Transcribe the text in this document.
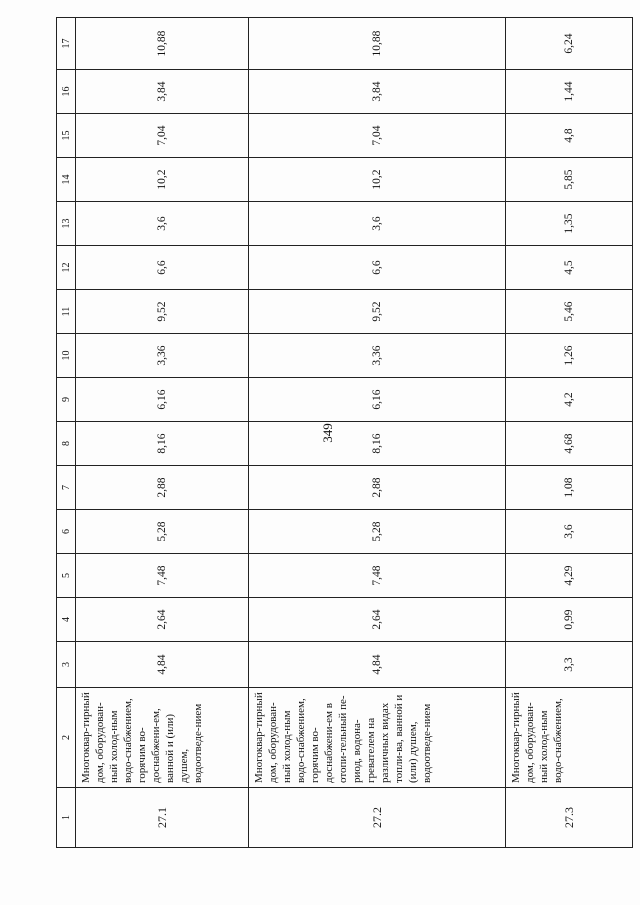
349
1	2	3	4	5	6	7	8	9	10	11	12	13	14	15	16	17
27.1	Многоквар-тирный дом, оборудован-ный холод-ным водо-снабжением, горячим во-доснабжени-ем, ванной и (или) душем, водоотведе-нием	4,84	2,64	7,48	5,28	2,88	8,16	6,16	3,36	9,52	6,6	3,6	10,2	7,04	3,84	10,88
27.2	Многоквар-тирный дом, оборудован-ный холод-ным водо-снабжением, горячим во-доснабжени-ем в отопи-тельный пе-риод, водона-гревателем на различных видах топли-ва, ванной и (или) душем, водоотведе-нием	4,84	2,64	7,48	5,28	2,88	8,16	6,16	3,36	9,52	6,6	3,6	10,2	7,04	3,84	10,88
27.3	Многоквар-тирный дом, оборудован-ный холод-ным водо-снабжением,	3,3	0,99	4,29	3,6	1,08	4,68	4,2	1,26	5,46	4,5	1,35	5,85	4,8	1,44	6,24
